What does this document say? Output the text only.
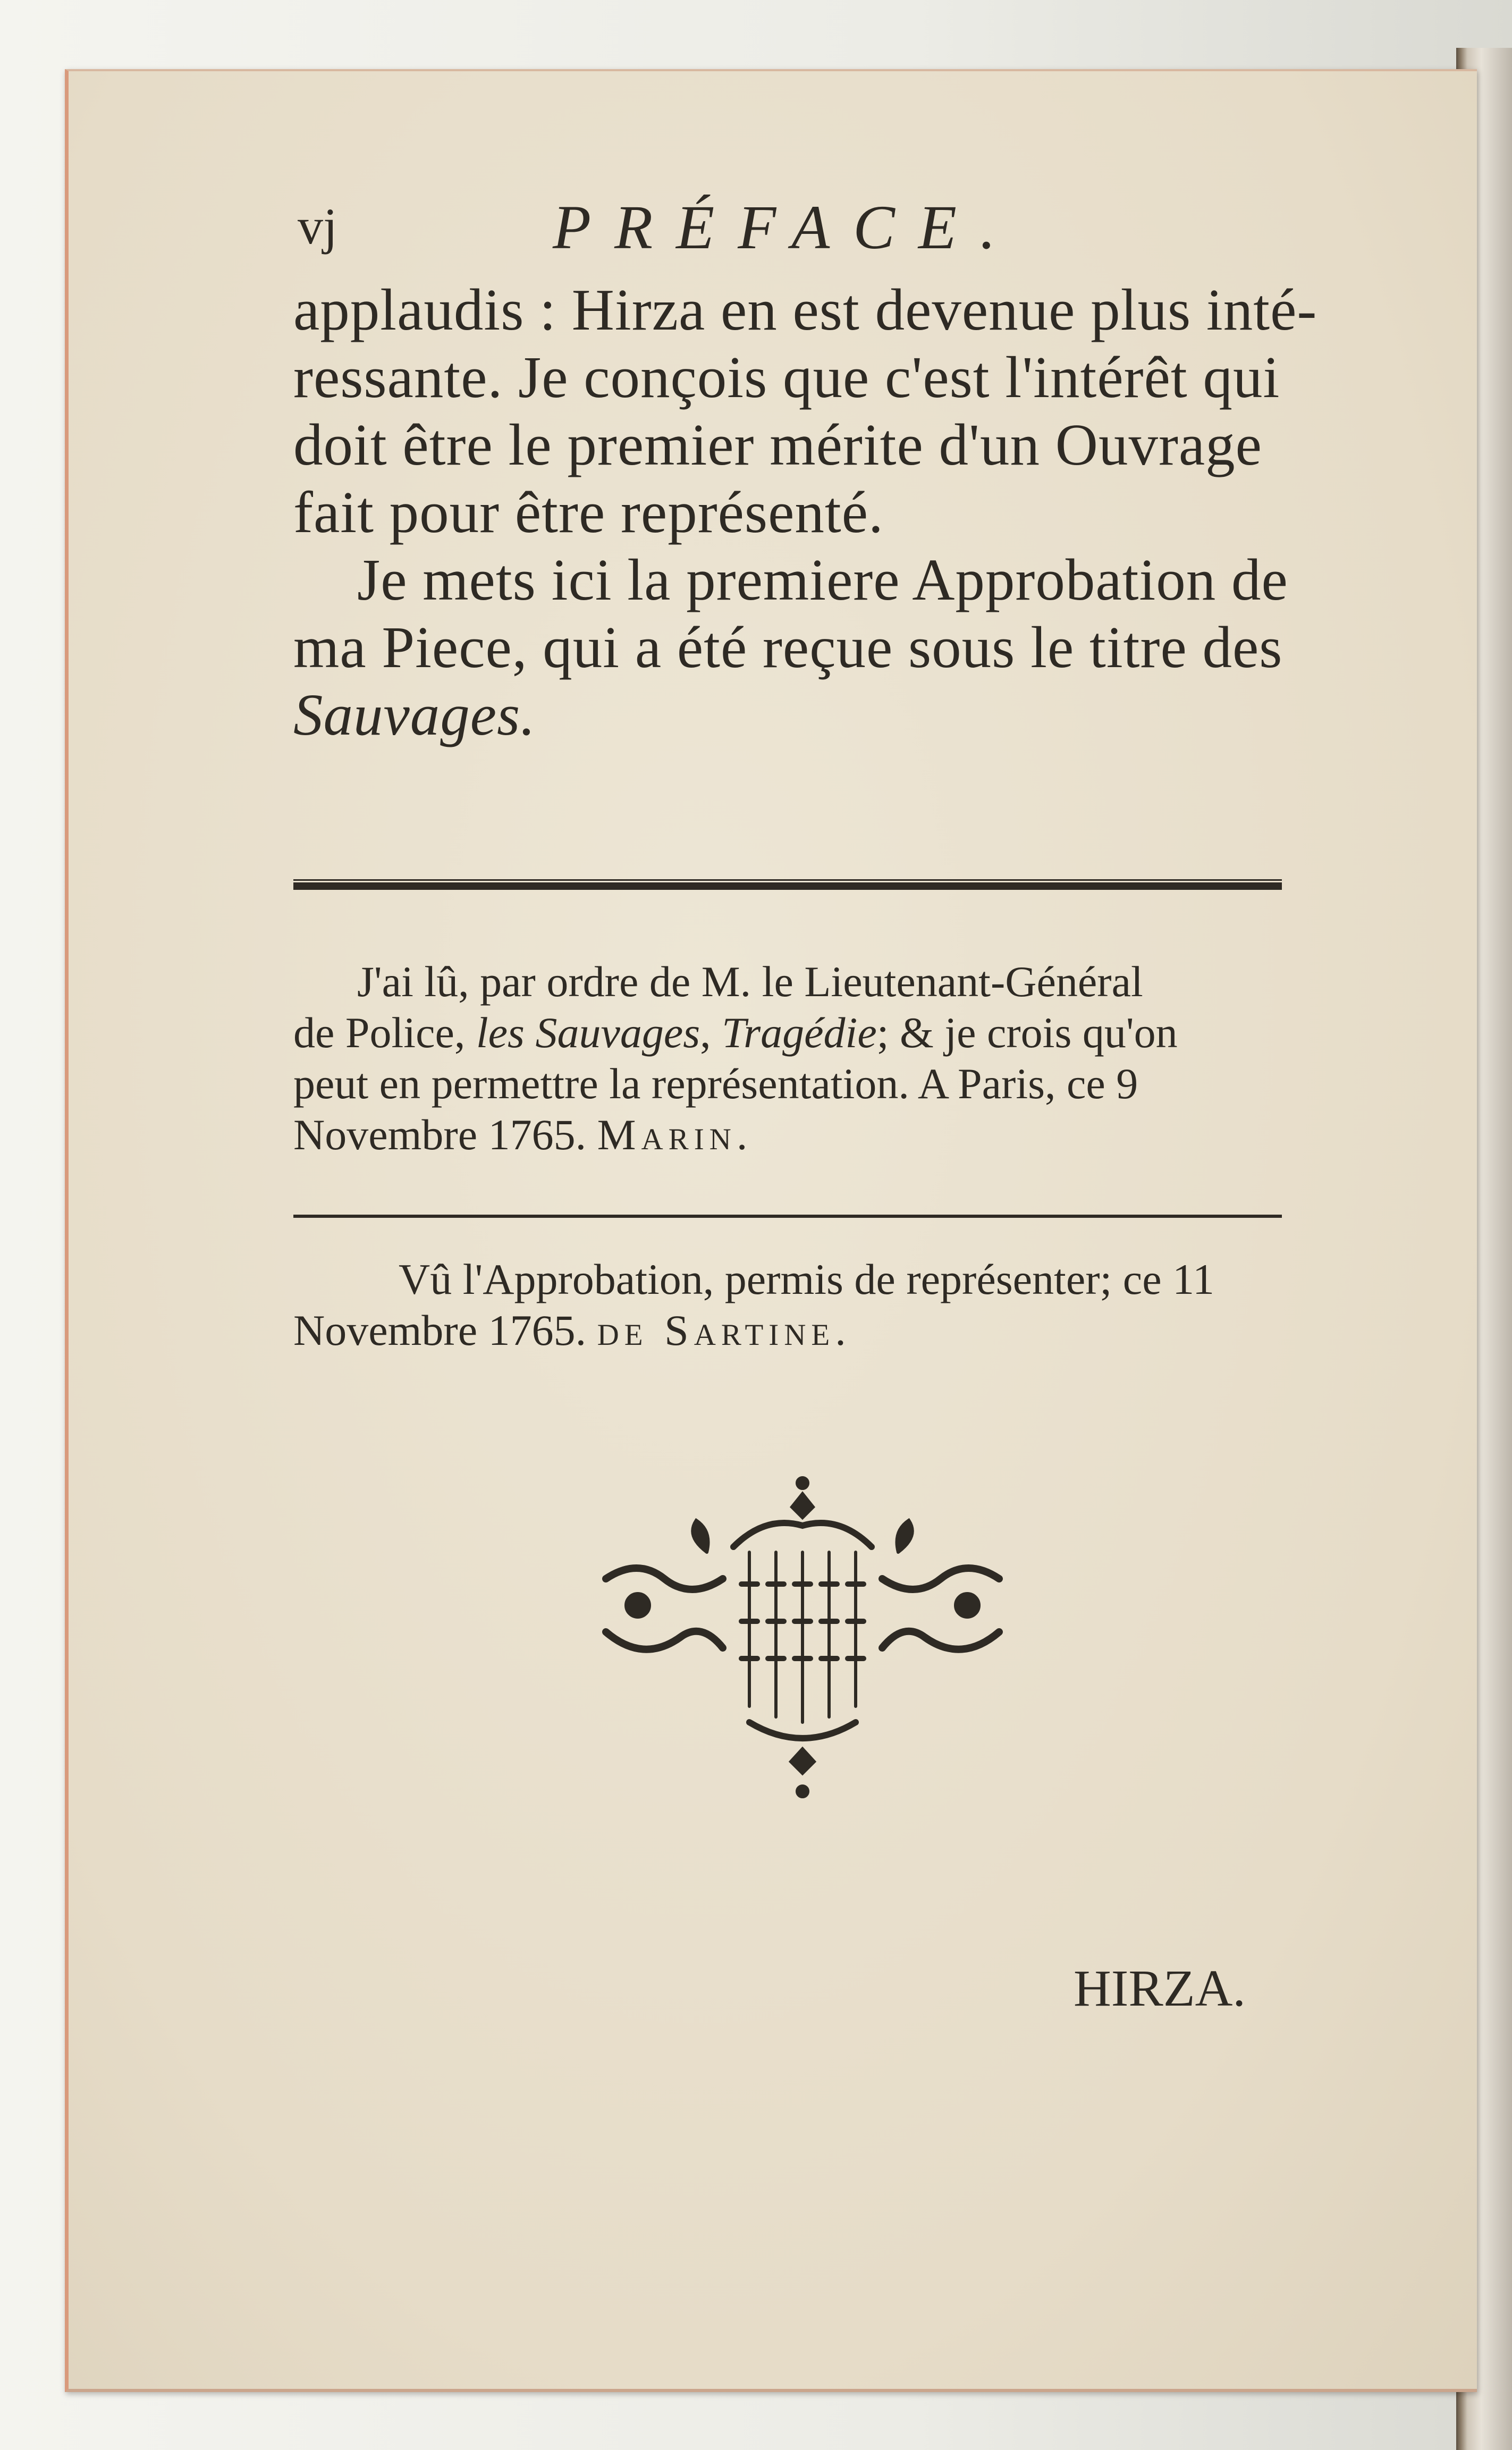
vj	PRÉFACE.
applaudis : Hirza en est devenue plus inté-
ressante. Je conçois que c'est l'intérêt qui
doit être le premier mérite d'un Ouvrage
fait pour être représenté.
Je mets ici la premiere Approbation de
ma Piece, qui a été reçue sous le titre des
Sauvages.
J'ai lû, par ordre de M. le Lieutenant-Général
de Police, les Sauvages, Tragédie; & je crois qu'on
peut en permettre la représentation. A Paris, ce 9
Novembre 1765. Marin.
Vû l'Approbation, permis de représenter; ce 11
Novembre 1765. de Sartine.
HIRZA.
